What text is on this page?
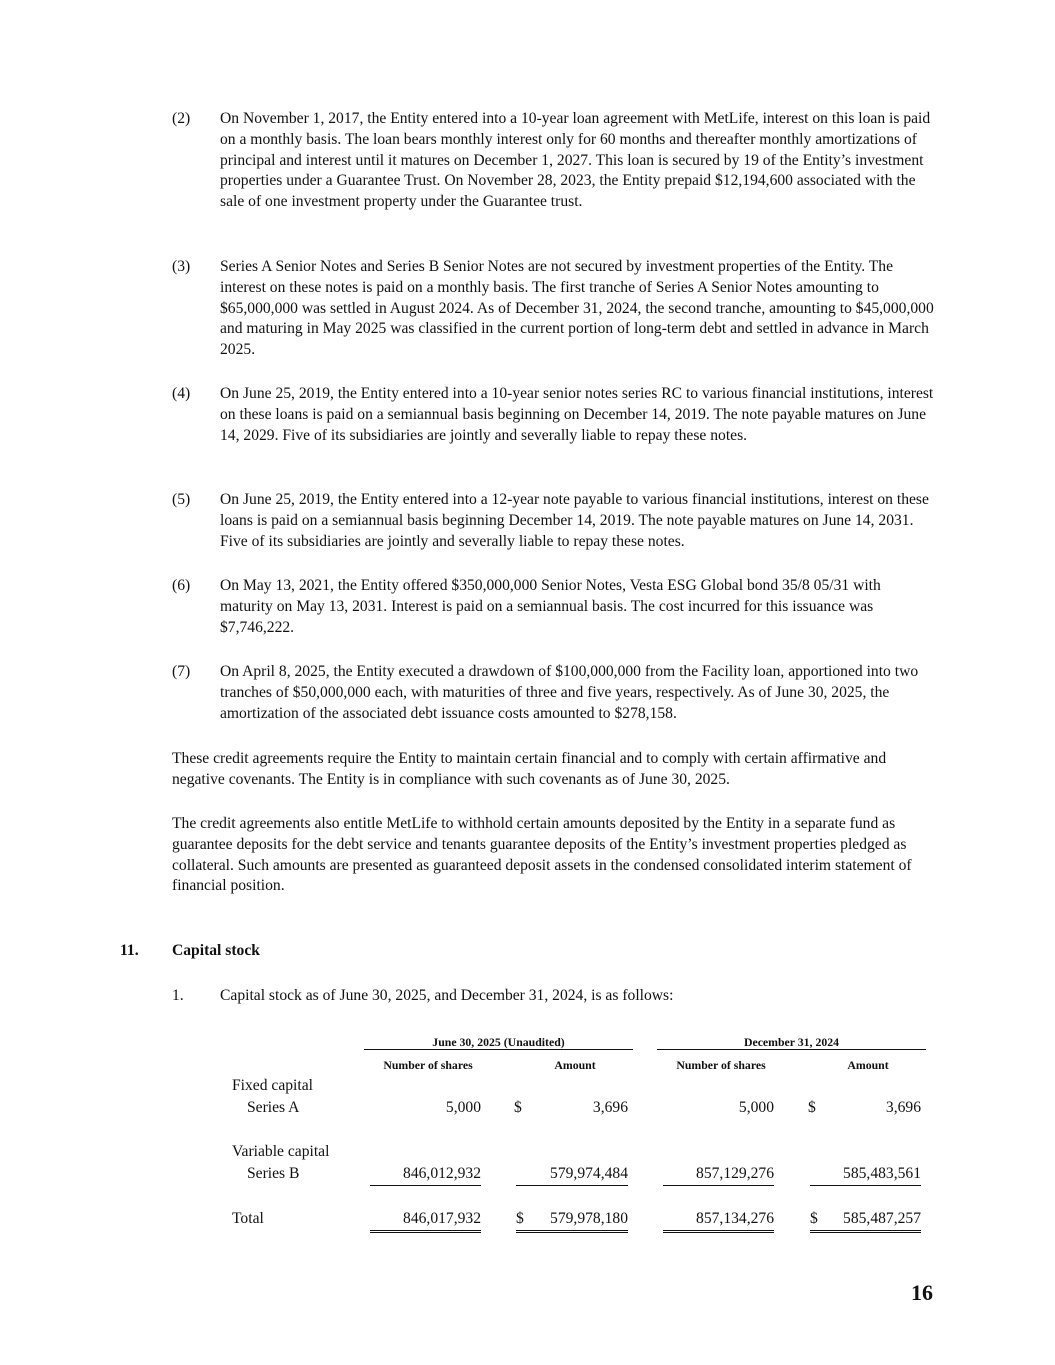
(2)	On November 1, 2017, the Entity entered into a 10-year loan agreement with MetLife, interest on this loan is paid on a monthly basis. The loan bears monthly interest only for 60 months and thereafter monthly amortizations of principal and interest until it matures on December 1, 2027. This loan is secured by 19 of the Entity’s investment properties under a Guarantee Trust. On November 28, 2023, the Entity prepaid $12,194,600 associated with the sale of one investment property under the Guarantee trust.
(3)	Series A Senior Notes and Series B Senior Notes are not secured by investment properties of the Entity. The interest on these notes is paid on a monthly basis. The first tranche of Series A Senior Notes amounting to $65,000,000 was settled in August 2024. As of December 31, 2024, the second tranche, amounting to $45,000,000 and maturing in May 2025 was classified in the current portion of long-term debt and settled in advance in March 2025.
(4)	On June 25, 2019, the Entity entered into a 10-year senior notes series RC to various financial institutions, interest on these loans is paid on a semiannual basis beginning on December 14, 2019. The note payable matures on June 14, 2029. Five of its subsidiaries are jointly and severally liable to repay these notes.
(5)	On June 25, 2019, the Entity entered into a 12-year note payable to various financial institutions, interest on these loans is paid on a semiannual basis beginning December 14, 2019. The note payable matures on June 14, 2031. Five of its subsidiaries are jointly and severally liable to repay these notes.
(6)	On May 13, 2021, the Entity offered $350,000,000 Senior Notes, Vesta ESG Global bond 35/8 05/31 with maturity on May 13, 2031. Interest is paid on a semiannual basis. The cost incurred for this issuance was $7,746,222.
(7)	On April 8, 2025, the Entity executed a drawdown of $100,000,000 from the Facility loan, apportioned into two tranches of $50,000,000 each, with maturities of three and five years, respectively. As of June 30, 2025, the amortization of the associated debt issuance costs amounted to $278,158.
These credit agreements require the Entity to maintain certain financial and to comply with certain affirmative and negative covenants. The Entity is in compliance with such covenants as of June 30, 2025.
The credit agreements also entitle MetLife to withhold certain amounts deposited by the Entity in a separate fund as guarantee deposits for the debt service and tenants guarantee deposits of the Entity’s investment properties pledged as collateral. Such amounts are presented as guaranteed deposit assets in the condensed consolidated interim statement of financial position.
11. Capital stock
1. Capital stock as of June 30, 2025, and December 31, 2024, is as follows:
June 30, 2025 (Unaudited)	December 31, 2024
Number of shares	Amount	Number of shares	Amount
Fixed capital
Series A	5,000 $	3,696	5,000 $	3,696
Variable capital
Series B	846,012,932	579,974,484	857,129,276	585,483,561
Total	846,017,932 $ 579,978,180	857,134,276 $ 585,487,257
16
